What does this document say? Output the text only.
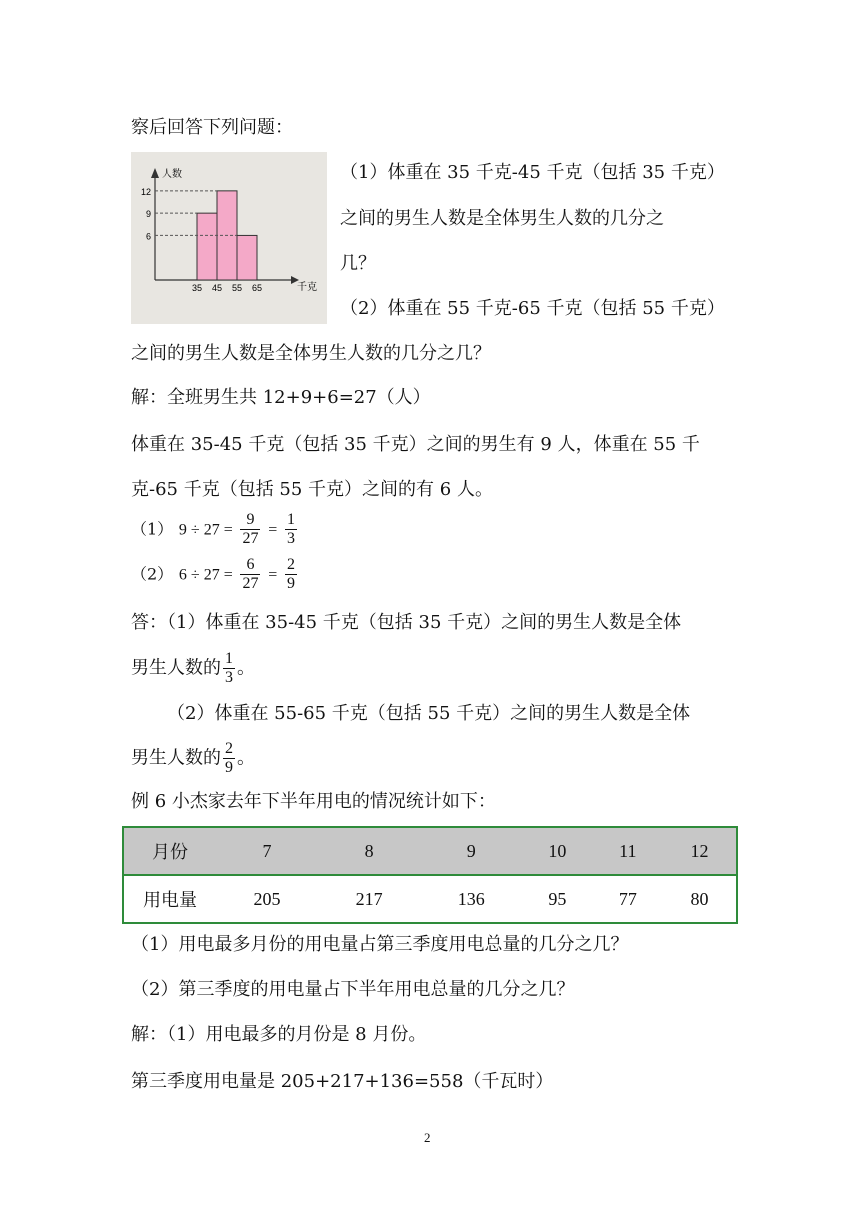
察后回答下列问题：
人数
千克
12
9
6
35 45 55 65
（1）体重在 35 千克-45 千克（包括 35 千克）
之间的男生人数是全体男生人数的几分之
几？
（2）体重在 55 千克-65 千克（包括 55 千克）
之间的男生人数是全体男生人数的几分之几？
解：全班男生共 12+9+6=27（人）
体重在 35-45 千克（包括 35 千克）之间的男生有 9 人，体重在 55 千
克-65 千克（包括 55 千克）之间的有 6 人。
（1） $9 \div 27 = \frac{9}{27} = \frac{1}{3}$
（2） $6 \div 27 = \frac{6}{27} = \frac{2}{9}$
答：（1）体重在 35-45 千克（包括 35 千克）之间的男生人数是全体
男生人数的 $\frac{1}{3}$ 。
（2）体重在 55-65 千克（包括 55 千克）之间的男生人数是全体
男生人数的 $\frac{2}{9}$ 。
例 6 小杰家去年下半年用电的情况统计如下：
月份	7	8	9	10	11	12
用电量	205	217	136	95	77	80
（1）用电最多月份的用电量占第三季度用电总量的几分之几？
（2）第三季度的用电量占下半年用电总量的几分之几？
解：（1）用电最多的月份是 8 月份。
第三季度用电量是 205+217+136=558（千瓦时）
2
